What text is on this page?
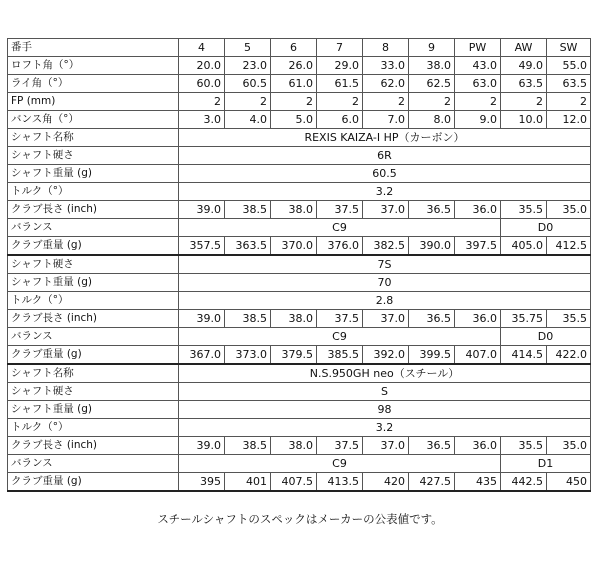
番手	4	5	6	7	8	9	PW	AW	SW
ロフト角（°）	20.0	23.0	26.0	29.0	33.0	38.0	43.0	49.0	55.0
ライ角（°）	60.0	60.5	61.0	61.5	62.0	62.5	63.0	63.5	63.5
FP (mm)	2	2	2	2	2	2	2	2	2
バンス角（°）	3.0	4.0	5.0	6.0	7.0	8.0	9.0	10.0	12.0
シャフト名称	REXIS KAIZA-I HP（カーボン）								
シャフト硬さ	6R								
シャフト重量 (g)	60.5								
トルク（°）	3.2								
クラブ長さ (inch)	39.0	38.5	38.0	37.5	37.0	36.5	36.0	35.5	35.0
バランス	C9							D0	
クラブ重量 (g)	357.5	363.5	370.0	376.0	382.5	390.0	397.5	405.0	412.5
シャフト硬さ	7S								
シャフト重量 (g)	70								
トルク（°）	2.8								
クラブ長さ (inch)	39.0	38.5	38.0	37.5	37.0	36.5	36.0	35.75	35.5
バランス	C9							D0	
クラブ重量 (g)	367.0	373.0	379.5	385.5	392.0	399.5	407.0	414.5	422.0
シャフト名称	N.S.950GH neo（スチール）								
シャフト硬さ	S								
シャフト重量 (g)	98								
トルク（°）	3.2								
クラブ長さ (inch)	39.0	38.5	38.0	37.5	37.0	36.5	36.0	35.5	35.0
バランス	C9							D1	
クラブ重量 (g)	395	401	407.5	413.5	420	427.5	435	442.5	450
スチールシャフトのスペックはメーカーの公表値です。
